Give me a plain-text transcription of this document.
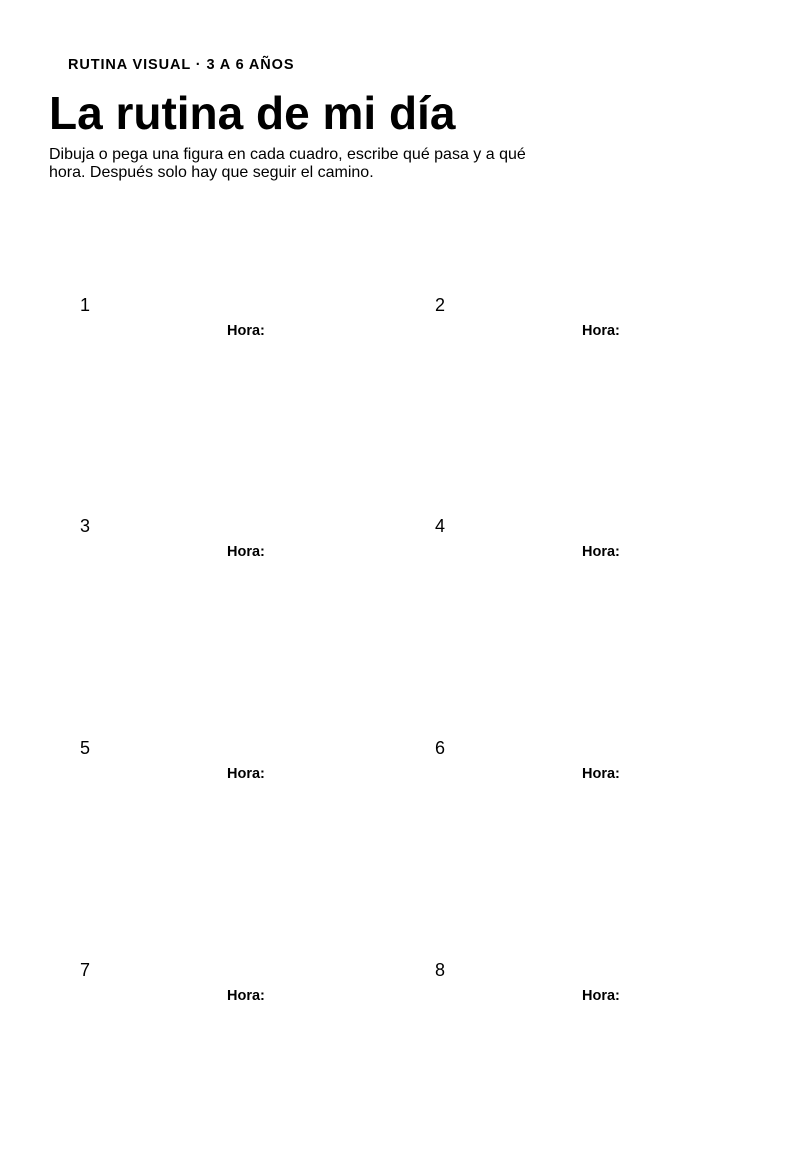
RUTINA VISUAL · 3 A 6 AÑOS
La rutina de mi día

Dibuja o pega una figura en cada cuadro, escribe qué pasa y a qué hora. Después solo hay que seguir el camino.

1
Hora:
2
Hora:
3
Hora:
4
Hora:
5
Hora:
6
Hora:
7
Hora:
8
Hora:
